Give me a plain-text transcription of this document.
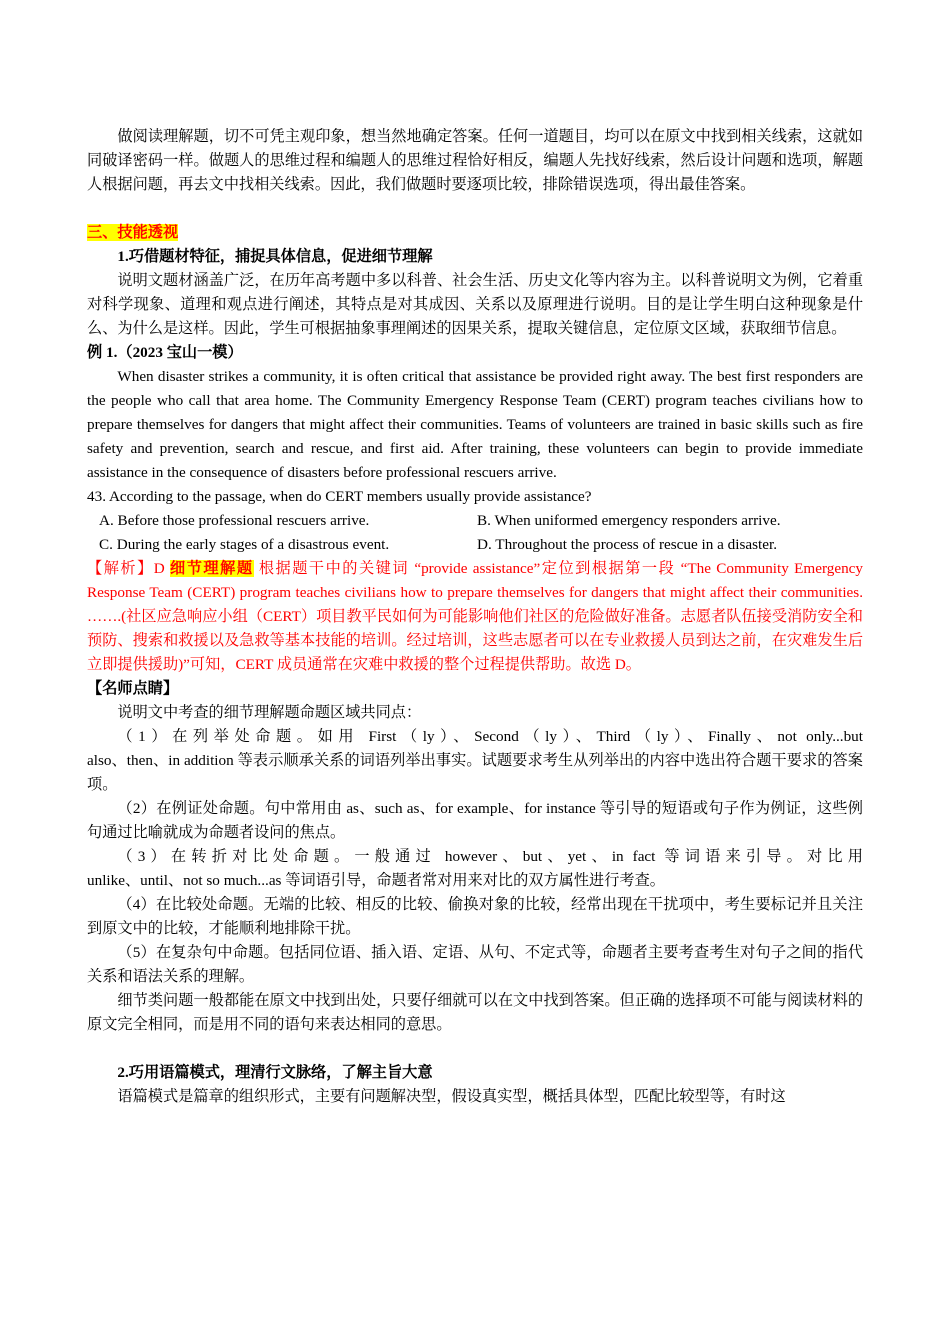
做阅读理解题，切不可凭主观印象，想当然地确定答案。任何一道题目，均可以在原文中找到相关线索，这就如同破译密码一样。做题人的思维过程和编题人的思维过程恰好相反，编题人先找好线索，然后设计问题和选项，解题人根据问题，再去文中找相关线索。因此，我们做题时要逐项比较，排除错误选项，得出最佳答案。

三、技能透视

1.巧借题材特征，捕捉具体信息，促进细节理解

说明文题材涵盖广泛，在历年高考题中多以科普、社会生活、历史文化等内容为主。以科普说明文为例，它着重对科学现象、道理和观点进行阐述，其特点是对其成因、关系以及原理进行说明。目的是让学生明白这种现象是什么、为什么是这样。因此，学生可根据抽象事理阐述的因果关系，提取关键信息，定位原文区域，获取细节信息。

例 1.（2023 宝山一模）

When disaster strikes a community, it is often critical that assistance be provided right away. The best first responders are the people who call that area home. The Community Emergency Response Team (CERT) program teaches civilians how to prepare themselves for dangers that might affect their communities. Teams of volunteers are trained in basic skills such as fire safety and prevention, search and rescue, and first aid. After training, these volunteers can begin to provide immediate assistance in the consequence of disasters before professional rescuers arrive.

43. According to the passage, when do CERT members usually provide assistance?

A. Before those professional rescuers arrive.	B. When uniformed emergency responders arrive.
C. During the early stages of a disastrous event.	D. Throughout the process of rescue in a disaster.

【解析】D 细节理解题 根据题干中的关键词 “provide assistance”定位到根据第一段 “The Community Emergency Response Team (CERT) program teaches civilians how to prepare themselves for dangers that might affect their communities. …….(社区应急响应小组（CERT）项目教平民如何为可能影响他们社区的危险做好准备。志愿者队伍接受消防安全和预防、搜索和救援以及急救等基本技能的培训。经过培训，这些志愿者可以在专业救援人员到达之前，在灾难发生后立即提供援助)”可知，CERT 成员通常在灾难中救援的整个过程提供帮助。故选 D。

【名师点睛】

说明文中考查的细节理解题命题区域共同点：

（1）在列举处命题。如用 First（ly）、Second（ly）、Third（ly）、Finally、not only...but

also、then、in addition 等表示顺承关系的词语列举出事实。试题要求考生从列举出的内容中选出符合题干要求的答案项。

（2）在例证处命题。句中常用由 as、such as、for example、for instance 等引导的短语或句子作为例证，这些例句通过比喻就成为命题者设问的焦点。

（3）在转折对比处命题。一般通过 however、but、yet、in fact 等词语来引导。对比用

unlike、until、not so much...as 等词语引导，命题者常对用来对比的双方属性进行考查。

（4）在比较处命题。无端的比较、相反的比较、偷换对象的比较，经常出现在干扰项中，考生要标记并且关注到原文中的比较，才能顺利地排除干扰。

（5）在复杂句中命题。包括同位语、插入语、定语、从句、不定式等，命题者主要考查考生对句子之间的指代关系和语法关系的理解。

细节类问题一般都能在原文中找到出处，只要仔细就可以在文中找到答案。但正确的选择项不可能与阅读材料的原文完全相同，而是用不同的语句来表达相同的意思。

2.巧用语篇模式，理清行文脉络，了解主旨大意

语篇模式是篇章的组织形式，主要有问题解决型，假设真实型，概括具体型，匹配比较型等，有时这
